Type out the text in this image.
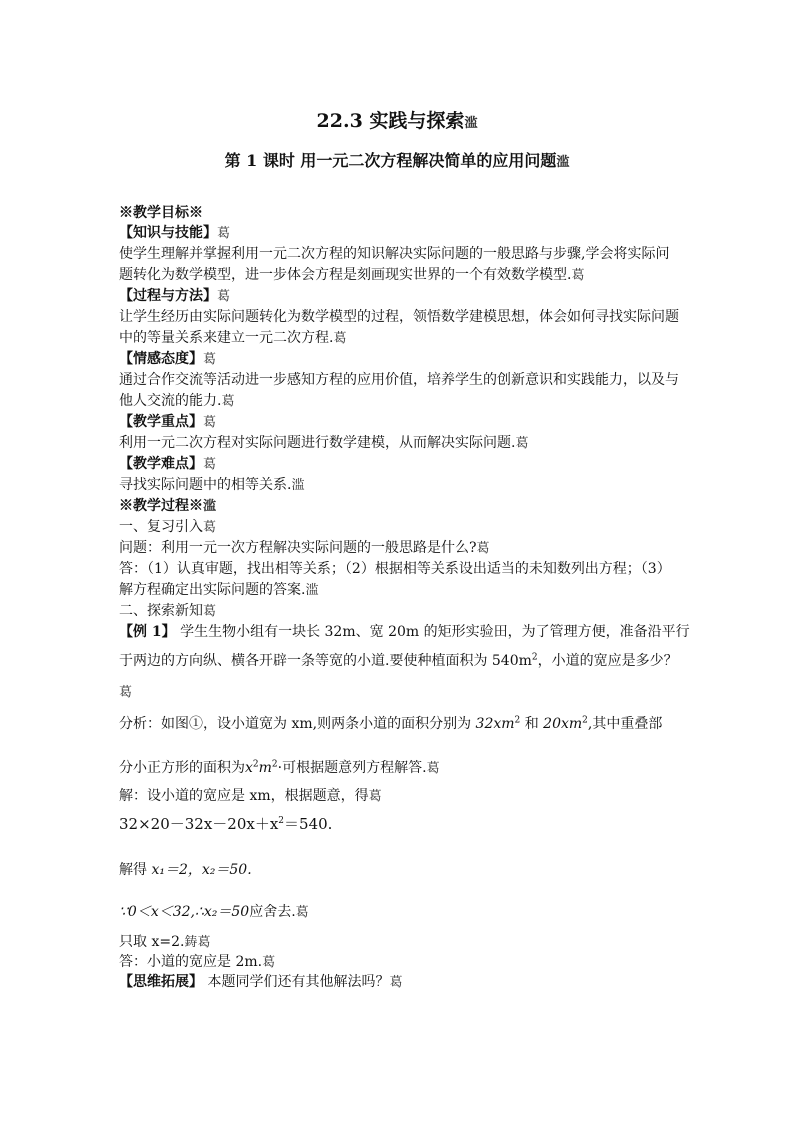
22.3 实践与探索滥
第 1 课时 用一元二次方程解决简单的应用问题滥
※教学目标※
【知识与技能】葛
使学生理解并掌握利用一元二次方程的知识解决实际问题的一般思路与步骤,学会将实际问
题转化为数学模型，进一步体会方程是刻画现实世界的一个有效数学模型.葛
【过程与方法】葛
让学生经历由实际问题转化为数学模型的过程，领悟数学建模思想，体会如何寻找实际问题
中的等量关系来建立一元二次方程.葛
【情感态度】葛
通过合作交流等活动进一步感知方程的应用价值，培养学生的创新意识和实践能力，以及与
他人交流的能力.葛
【教学重点】葛
利用一元二次方程对实际问题进行数学建模，从而解决实际问题.葛
【教学难点】葛
寻找实际问题中的相等关系.滥
※教学过程※滥
一、复习引入葛
问题：利用一元一次方程解决实际问题的一般思路是什么?葛
答：（1）认真审题，找出相等关系；（2）根据相等关系设出适当的未知数列出方程；（3）
解方程确定出实际问题的答案.滥
二、探索新知葛
【例 1】 学生生物小组有一块长 32m、宽 20m 的矩形实验田，为了管理方便，准备沿平行
于两边的方向纵、横各开辟一条等宽的小道.要使种植面积为 $540m^2$，小道的宽应是多少？
葛
分析：如图①，设小道宽为 xm,则两条小道的面积分别为 $32xm^2$ 和 $20xm^2$,其中重叠部
分小正方形的面积为$x^2m^2\cdot$可根据题意列方程解答.葛
解：设小道的宽应是 xm，根据题意，得葛
$32\times 20-32x-20x+x^2=540$.
解得 x₁＝2，x₂＝50.
∵0＜x＜32,∴x₂＝50应舍去.葛
只取 x=2.鋳葛
答：小道的宽应是 2m.葛
【思维拓展】 本题同学们还有其他解法吗？葛
